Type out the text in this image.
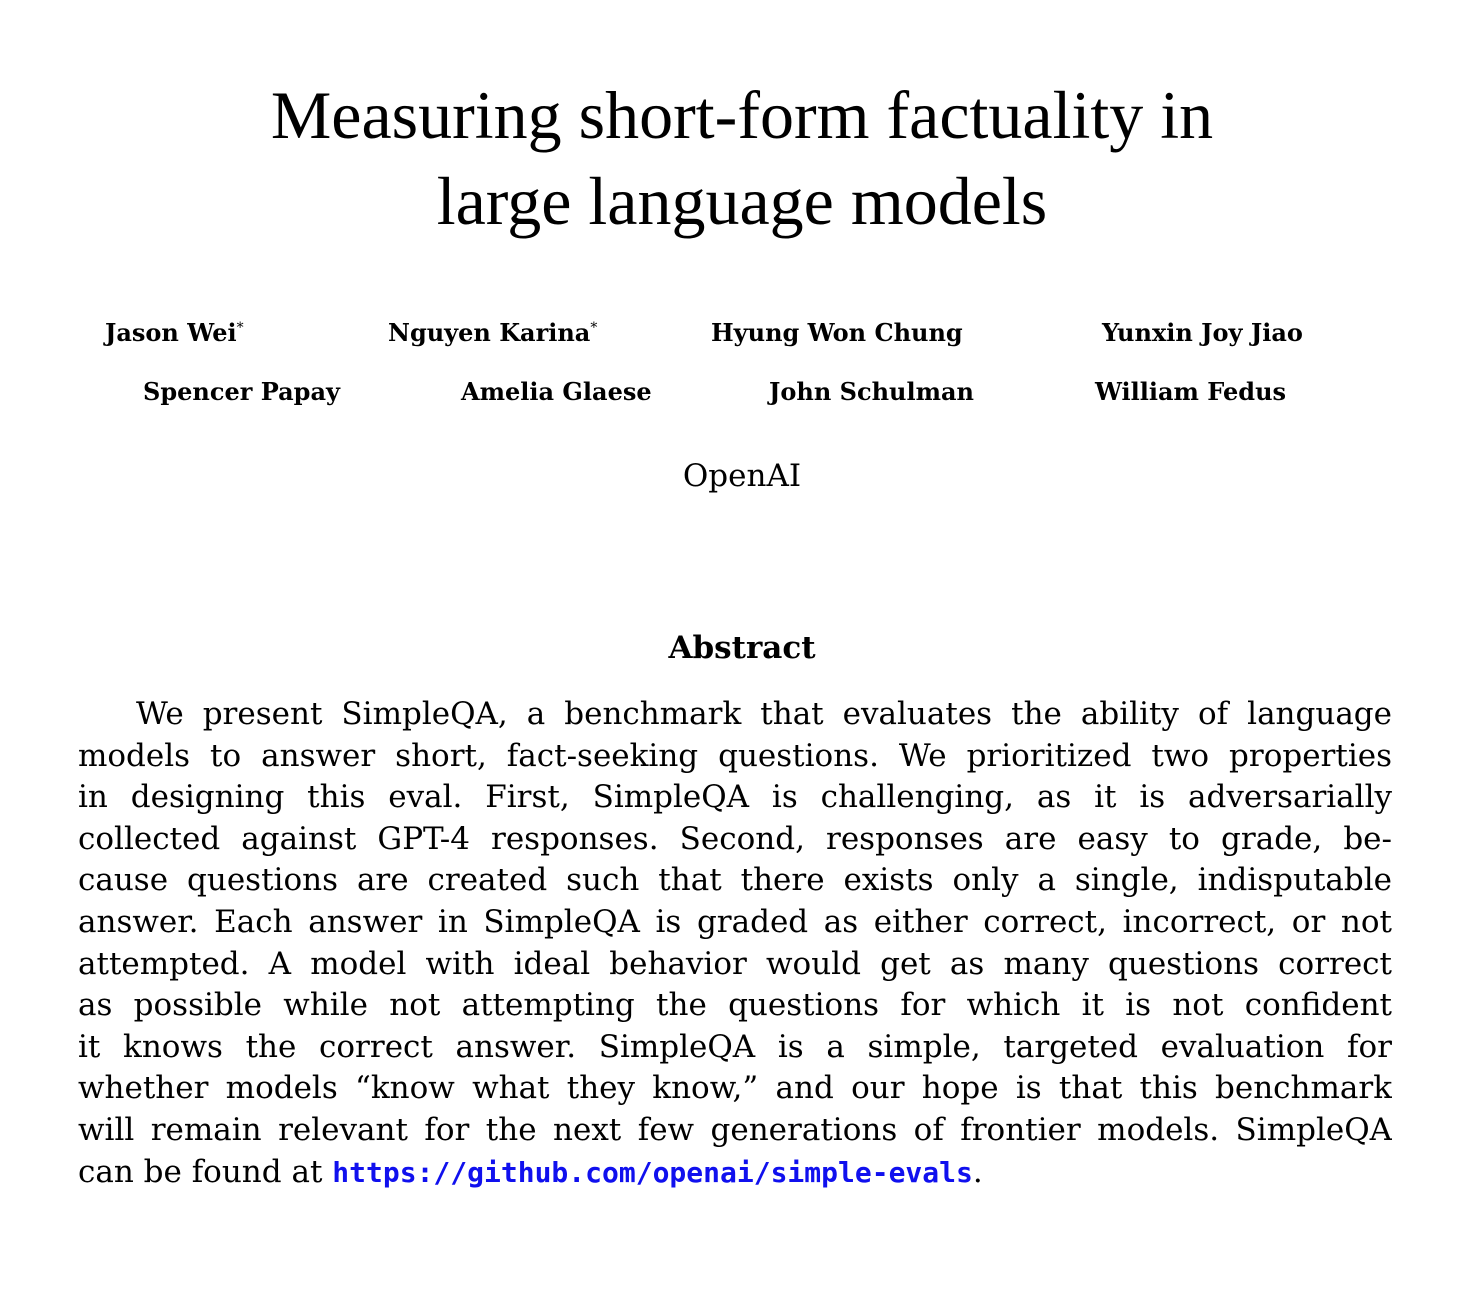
Measuring short-form factuality in
large language models
Jason Wei*	Nguyen Karina*	Hyung Won Chung	Yunxin Joy Jiao
Spencer Papay	Amelia Glaese	John Schulman	William Fedus
OpenAI
Abstract

We present SimpleQA, a benchmark that evaluates the ability of language
models to answer short, fact-seeking questions. We prioritized two properties
in designing this eval. First, SimpleQA is challenging, as it is adversarially
collected against GPT-4 responses. Second, responses are easy to grade, be-
cause questions are created such that there exists only a single, indisputable
answer. Each answer in SimpleQA is graded as either correct, incorrect, or not
attempted. A model with ideal behavior would get as many questions correct
as possible while not attempting the questions for which it is not confident
it knows the correct answer. SimpleQA is a simple, targeted evaluation for
whether models “know what they know,” and our hope is that this benchmark
will remain relevant for the next few generations of frontier models. SimpleQA
can be found at https://github.com/openai/simple-evals.
